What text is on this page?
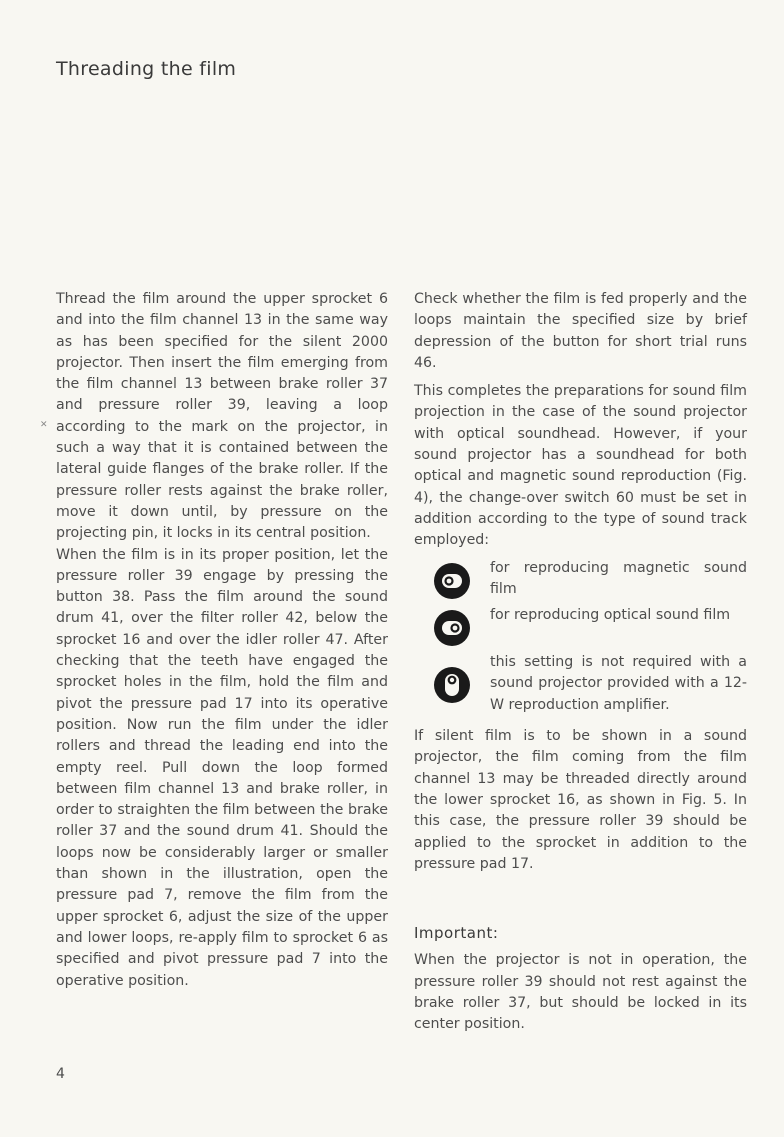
Threading the film
✕

Thread the film around the upper sprocket 6 and into the film channel 13 in the same way as has been specified for the silent 2000 projector. Then insert the film emerging from the film channel 13 between brake roller 37 and pressure roller 39, leaving a loop according to the mark on the projector, in such a way that it is contained between the lateral guide flanges of the brake roller. If the pressure roller rests against the brake roller, move it down until, by pressure on the projecting pin, it locks in its central position.

When the film is in its proper position, let the pressure roller 39 engage by pressing the button 38. Pass the film around the sound drum 41, over the filter roller 42, below the sprocket 16 and over the idler roller 47. After checking that the teeth have engaged the sprocket holes in the film, hold the film and pivot the pressure pad 17 into its operative position. Now run the film under the idler rollers and thread the leading end into the empty reel. Pull down the loop formed between film channel 13 and brake roller, in order to straighten the film between the brake roller 37 and the sound drum 41. Should the loops now be considerably larger or smaller than shown in the illustration, open the pressure pad 7, remove the film from the upper sprocket 6, adjust the size of the upper and lower loops, re-apply film to sprocket 6 as specified and pivot pressure pad 7 into the operative position.

Check whether the film is fed properly and the loops maintain the specified size by brief depression of the button for short trial runs 46.

This completes the preparations for sound film projection in the case of the sound projector with optical soundhead. However, if your sound projector has a soundhead for both optical and magnetic sound reproduction (Fig. 4), the change-over switch 60 must be set in addition according to the type of sound track employed:

for reproducing magnetic sound film
for reproducing optical sound film
this setting is not required with a sound projector provided with a 12-W reproduction amplifier.

If silent film is to be shown in a sound projector, the film coming from the film channel 13 may be threaded directly around the lower sprocket 16, as shown in Fig. 5. In this case, the pressure roller 39 should be applied to the sprocket in addition to the pressure pad 17.

Important:

When the projector is not in operation, the pressure roller 39 should not rest against the brake roller 37, but should be locked in its center position.

4
